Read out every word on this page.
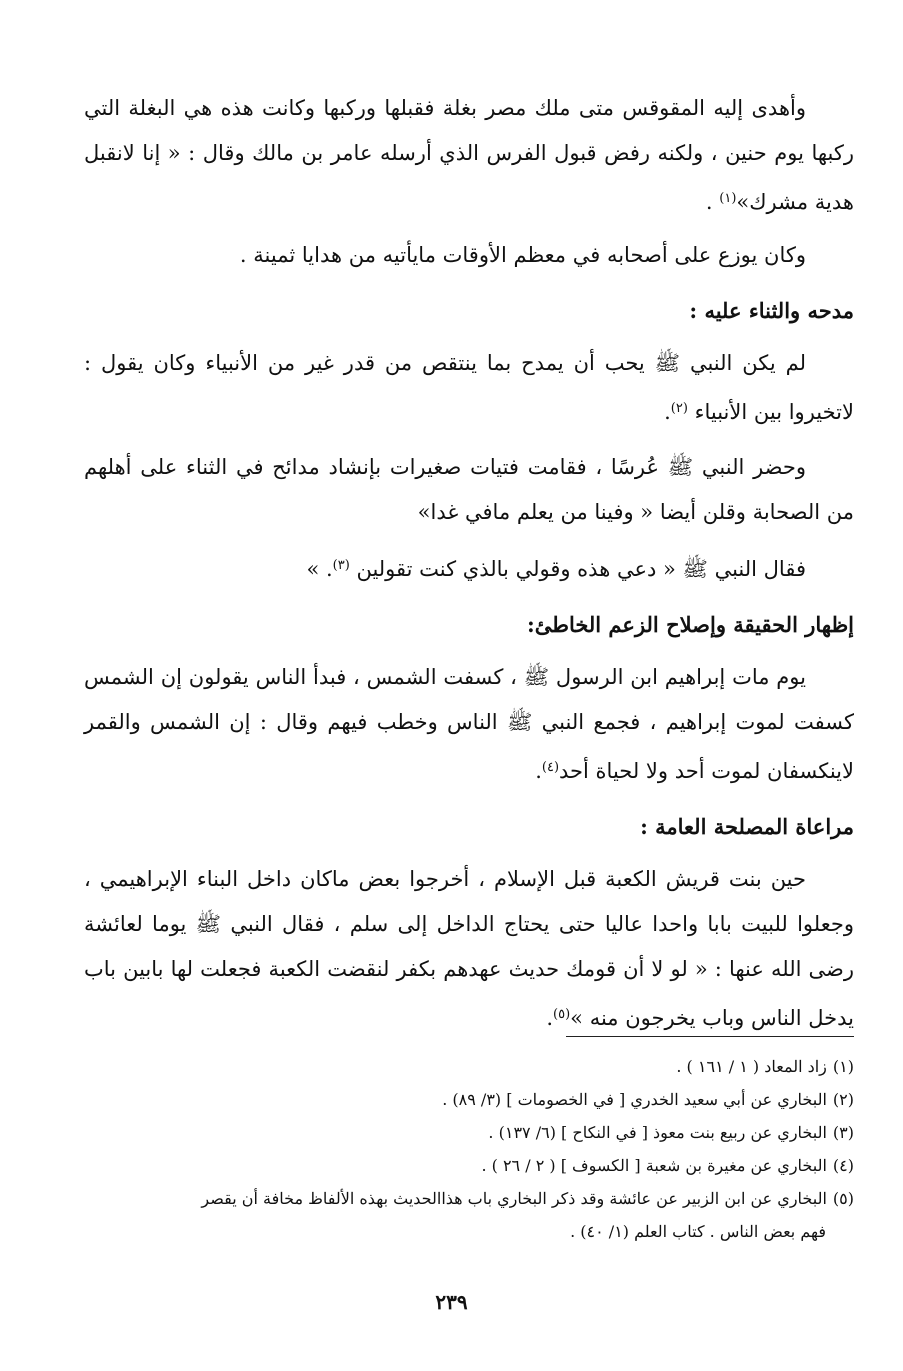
وأهدى إليه المقوقس متى ملك مصر بغلة فقبلها وركبها وكانت هذه هي البغلة التي ركبها يوم حنين ، ولكنه رفض قبول الفرس الذي أرسله عامر بن مالك وقال : « إنا لانقبل هدية مشرك»$^{(١)}$ .

وكان يوزع على أصحابه في معظم الأوقات مايأتيه من هدايا ثمينة .

مدحه والثناء عليه :

لم يكن النبي ﷺ يحب أن يمدح بما ينتقص من قدر غير من الأنبياء وكان يقول : لاتخيروا بين الأنبياء $^{(٢)}$.

وحضر النبي ﷺ عُرسًا ، فقامت فتيات صغيرات بإنشاد مدائح في الثناء على أهلهم من الصحابة وقلن أيضا « وفينا من يعلم مافي غدا»

فقال النبي ﷺ « دعي هذه وقولي بالذي كنت تقولين $^{(٣)}$. »

إظهار الحقيقة وإصلاح الزعم الخاطئ:

يوم مات إبراهيم ابن الرسول ﷺ ، كسفت الشمس ، فبدأ الناس يقولون إن الشمس كسفت لموت إبراهيم ، فجمع النبي ﷺ الناس وخطب فيهم وقال : إن الشمس والقمر لاينكسفان لموت أحد ولا لحياة أحد$^{(٤)}$.

مراعاة المصلحة العامة :

حين بنت قريش الكعبة قبل الإسلام ، أخرجوا بعض ماكان داخل البناء الإبراهيمي ، وجعلوا للبيت بابا واحدا عاليا حتى يحتاج الداخل إلى سلم ، فقال النبي ﷺ يوما لعائشة رضى الله عنها : « لو لا أن قومك حديث عهدهم بكفر لنقضت الكعبة فجعلت لها بابين باب يدخل الناس وباب يخرجون منه »$^{(٥)}$.

(١)زاد المعاد ( ١ / ١٦١ ) .

(٢)البخاري عن أبي سعيد الخدري [ في الخصومات ] (٣/ ٨٩) .

(٣)البخاري عن ربيع بنت معوذ [ في النكاح ] (٦/ ١٣٧) .

(٤)البخاري عن مغيرة بن شعبة [ الكسوف ] ( ٢ / ٢٦ ) .

(٥)البخاري عن ابن الزبير عن عائشة وقد ذكر البخاري باب هذاالحديث بهذه الألفاظ مخافة أن يقصر

فهم بعض الناس . كتاب العلم (١/ ٤٠) .

٢٣٩
